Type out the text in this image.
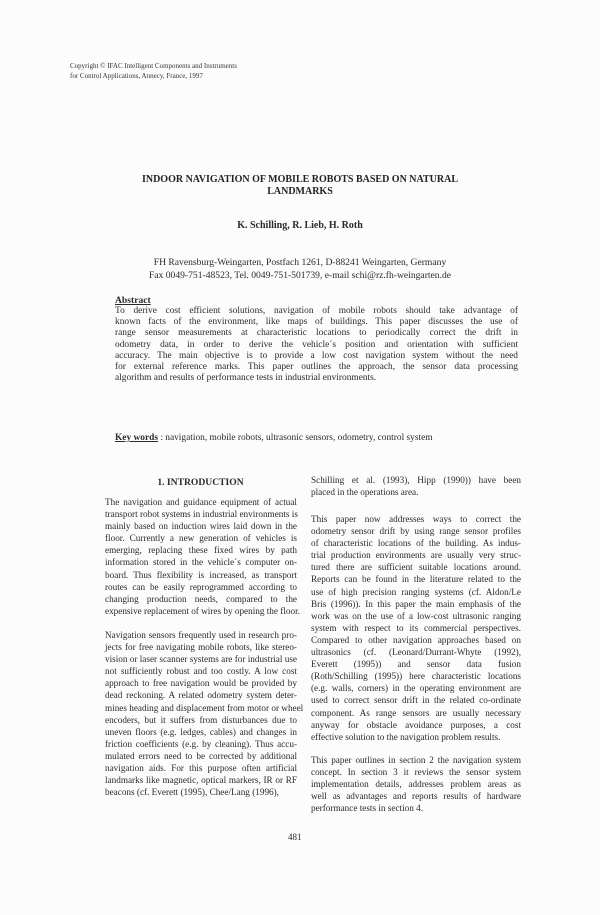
Copyright © IFAC Intelligent Components and Instruments
for Control Applications, Annecy, France, 1997
INDOOR NAVIGATION OF MOBILE ROBOTS BASED ON NATURAL
LANDMARKS
K. Schilling, R. Lieb, H. Roth
FH Ravensburg-Weingarten, Postfach 1261, D-88241 Weingarten, Germany
Fax 0049-751-48523, Tel. 0049-751-501739, e-mail schi@rz.fh-weingarten.de
Abstract
To derive cost efficient solutions, navigation of mobile robots should take advantage of
known facts of the environment, like maps of buildings. This paper discusses the use of
range sensor measurements at characteristic locations to periodically correct the drift in
odometry data, in order to derive the vehicle´s position and orientation with sufficient
accuracy. The main objective is to provide a low cost navigation system without the need
for external reference marks. This paper outlines the approach, the sensor data processing
algorithm and results of performance tests in industrial environments.
Key words : navigation, mobile robots, ultrasonic sensors, odometry, control system
1. INTRODUCTION
The navigation and guidance equipment of actual
transport robot systems in industrial environments is
mainly based on induction wires laid down in the
floor. Currently a new generation of vehicles is
emerging, replacing these fixed wires by path
information stored in the vehicle´s computer on-
board. Thus flexibility is increased, as transport
routes can be easily reprogrammed according to
changing production needs, compared to the
expensive replacement of wires by opening the floor.
Navigation sensors frequently used in research pro-
jects for free navigating mobile robots, like stereo-
vision or laser scanner systems are for industrial use
not sufficiently robust and too costly. A low cost
approach to free navigation would be provided by
dead reckoning. A related odometry system deter-
mines heading and displacement from motor or wheel
encoders, but it suffers from disturbances due to
uneven floors (e.g. ledges, cables) and changes in
friction coefficients (e.g. by cleaning). Thus accu-
mulated errors need to be corrected by additional
navigation aids. For this purpose often artificial
landmarks like magnetic, optical markers, IR or RF
beacons (cf. Everett (1995), Chee/Lang (1996),
Schilling et al. (1993), Hipp (1990)) have been
placed in the operations area.
This paper now addresses ways to correct the
odometry sensor drift by using range sensor profiles
of characteristic locations of the building. As indus-
trial production environments are usually very struc-
tured there are sufficient suitable locations around.
Reports can be found in the literature related to the
use of high precision ranging systems (cf. Aldon/Le
Bris (1996)). In this paper the main emphasis of the
work was on the use of a low-cost ultrasonic ranging
system with respect to its commercial perspectives.
Compared to other navigation approaches based on
ultrasonics (cf. (Leonard/Durrant-Whyte (1992),
Everett (1995)) and sensor data fusion
(Roth/Schilling (1995)) here characteristic locations
(e.g. walls, corners) in the operating environment are
used to correct sensor drift in the related co-ordinate
component. As range sensors are usually necessary
anyway for obstacle avoidance purposes, a cost
effective solution to the navigation problem results.
This paper outlines in section 2 the navigation system
concept. In section 3 it reviews the sensor system
implementation details, addresses problem areas as
well as advantages and reports results of hardware
performance tests in section 4.
481
